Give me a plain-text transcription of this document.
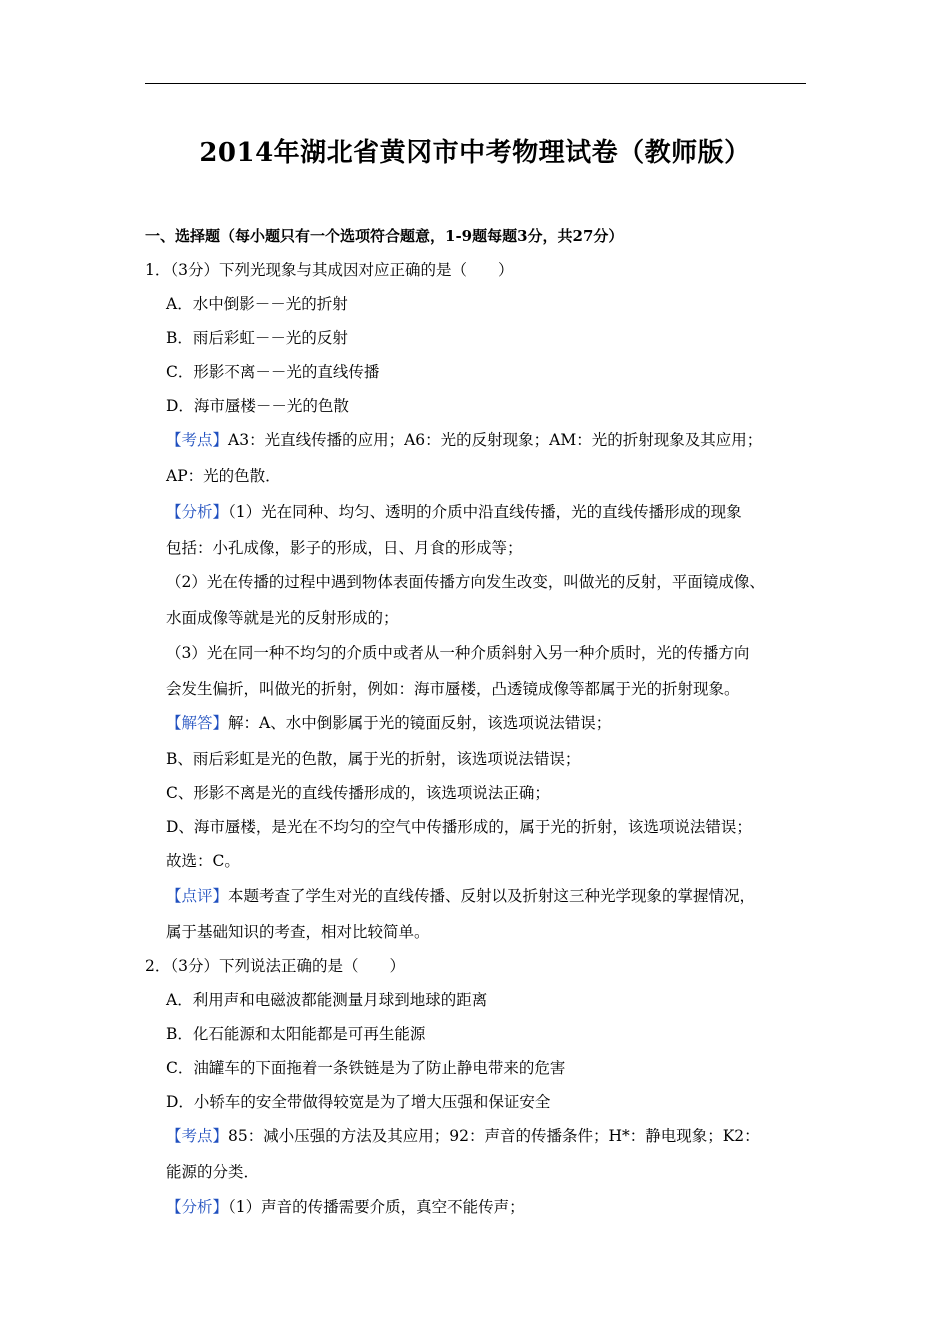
2014年湖北省黄冈市中考物理试卷（教师版）
一、选择题（每小题只有一个选项符合题意，1-9题每题3分，共27分）
1．（3分）下列光现象与其成因对应正确的是（　　）
A．水中倒影－－光的折射
B．雨后彩虹－－光的反射
C．形影不离－－光的直线传播
D．海市蜃楼－－光的色散
【考点】A3：光直线传播的应用；A6：光的反射现象；AM：光的折射现象及其应用；
AP：光的色散．
【分析】（1）光在同种、均匀、透明的介质中沿直线传播，光的直线传播形成的现象
包括：小孔成像，影子的形成，日、月食的形成等；
（2）光在传播的过程中遇到物体表面传播方向发生改变，叫做光的反射，平面镜成像、
水面成像等就是光的反射形成的；
（3）光在同一种不均匀的介质中或者从一种介质斜射入另一种介质时，光的传播方向
会发生偏折，叫做光的折射，例如：海市蜃楼，凸透镜成像等都属于光的折射现象。
【解答】解：A、水中倒影属于光的镜面反射，该选项说法错误；
B、雨后彩虹是光的色散，属于光的折射，该选项说法错误；
C、形影不离是光的直线传播形成的，该选项说法正确；
D、海市蜃楼，是光在不均匀的空气中传播形成的，属于光的折射，该选项说法错误；
故选：C。
【点评】本题考查了学生对光的直线传播、反射以及折射这三种光学现象的掌握情况，
属于基础知识的考查，相对比较简单。
2．（3分）下列说法正确的是（　　）
A．利用声和电磁波都能测量月球到地球的距离
B．化石能源和太阳能都是可再生能源
C．油罐车的下面拖着一条铁链是为了防止静电带来的危害
D．小轿车的安全带做得较宽是为了增大压强和保证安全
【考点】85：减小压强的方法及其应用；92：声音的传播条件；H*：静电现象；K2：
能源的分类．
【分析】（1）声音的传播需要介质，真空不能传声；
